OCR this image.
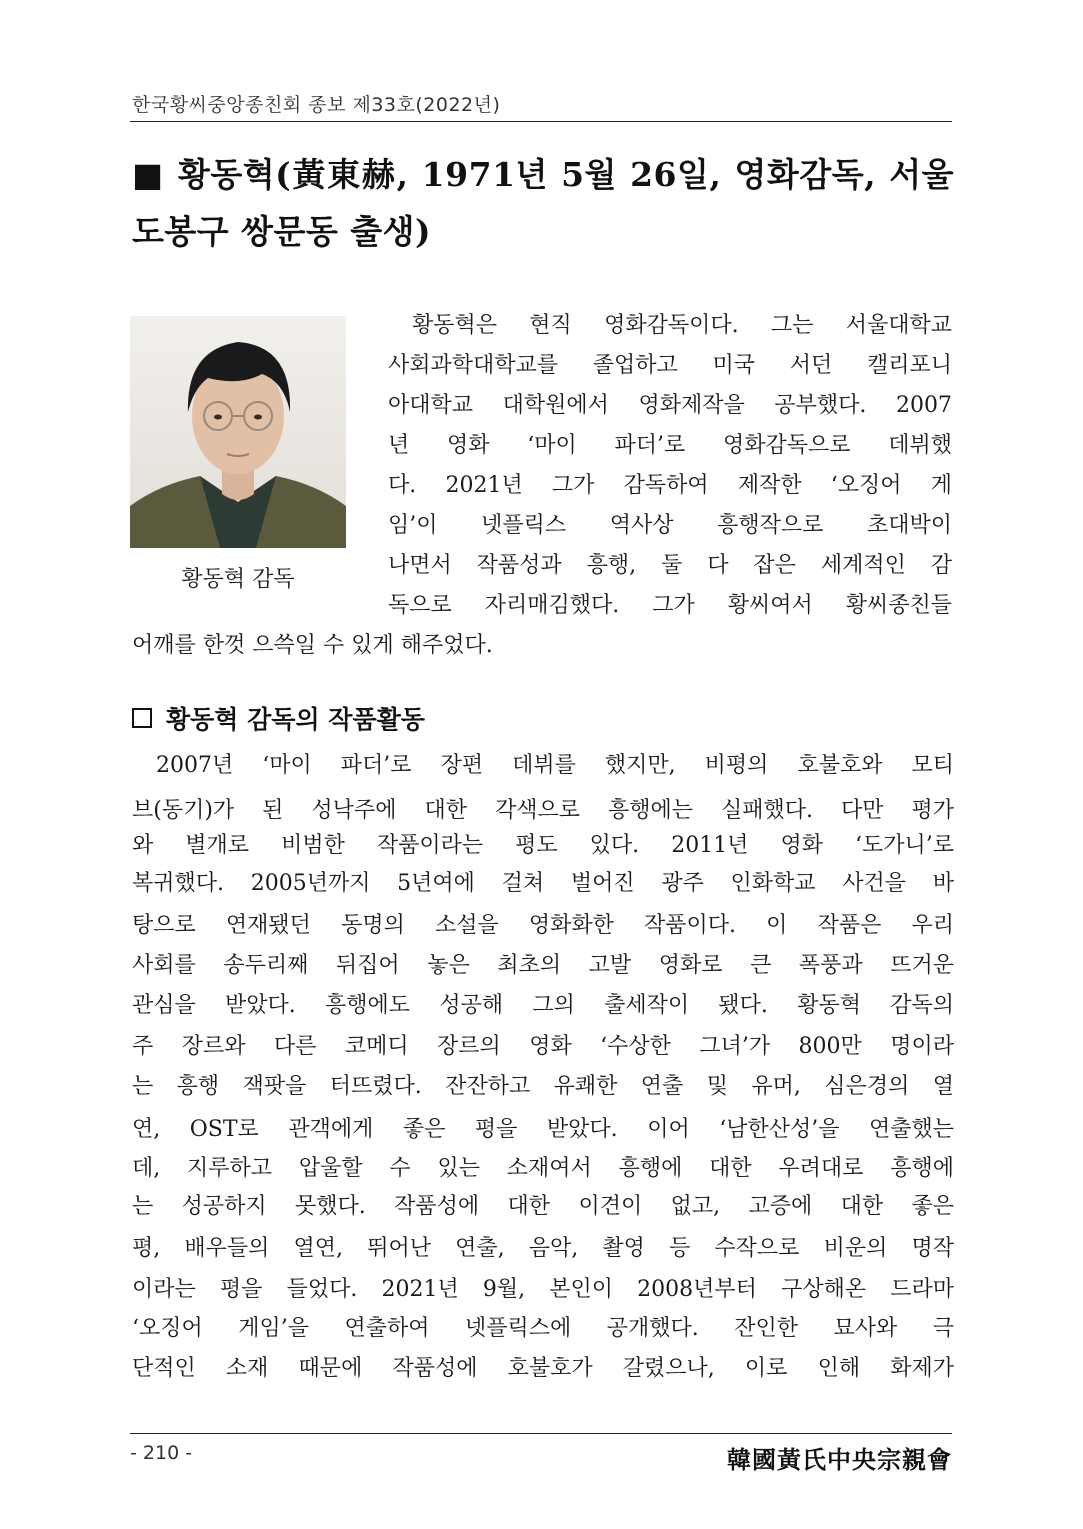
한국황씨중앙종친회 종보 제33호(2022년)
■ 황동혁(黃東赫, 1971년 5월 26일, 영화감독, 서울
도봉구 쌍문동 출생)
황동혁 감독
황동혁은 현직 영화감독이다. 그는 서울대학교
사회과학대학교를 졸업하고 미국 서던 캘리포니
아대학교 대학원에서 영화제작을 공부했다. 2007
년 영화 ‘마이 파더’로 영화감독으로 데뷔했
다. 2021년 그가 감독하여 제작한 ‘오징어 게
임’이 넷플릭스 역사상 흥행작으로 초대박이
나면서 작품성과 흥행, 둘 다 잡은 세계적인 감
독으로 자리매김했다. 그가 황씨여서 황씨종친들
어깨를 한껏 으쓱일 수 있게 해주었다.
황동혁 감독의 작품활동
2007년 ‘마이 파더’로 장편 데뷔를 했지만, 비평의 호불호와 모티
브(동기)가 된 성낙주에 대한 각색으로 흥행에는 실패했다. 다만 평가
와 별개로 비범한 작품이라는 평도 있다. 2011년 영화 ‘도가니’로
복귀했다. 2005년까지 5년여에 걸쳐 벌어진 광주 인화학교 사건을 바
탕으로 연재됐던 동명의 소설을 영화화한 작품이다. 이 작품은 우리
사회를 송두리째 뒤집어 놓은 최초의 고발 영화로 큰 폭풍과 뜨거운
관심을 받았다. 흥행에도 성공해 그의 출세작이 됐다. 황동혁 감독의
주 장르와 다른 코메디 장르의 영화 ‘수상한 그녀’가 800만 명이라
는 흥행 잭팟을 터뜨렸다. 잔잔하고 유쾌한 연출 및 유머, 심은경의 열
연, OST로 관객에게 좋은 평을 받았다. 이어 ‘남한산성’을 연출했는
데, 지루하고 압울할 수 있는 소재여서 흥행에 대한 우려대로 흥행에
는 성공하지 못했다. 작품성에 대한 이견이 없고, 고증에 대한 좋은
평, 배우들의 열연, 뛰어난 연출, 음악, 촬영 등 수작으로 비운의 명작
이라는 평을 들었다. 2021년 9월, 본인이 2008년부터 구상해온 드라마
‘오징어 게임’을 연출하여 넷플릭스에 공개했다. 잔인한 묘사와 극
단적인 소재 때문에 작품성에 호불호가 갈렸으나, 이로 인해 화제가
- 210 -	韓國黃氏中央宗親會
